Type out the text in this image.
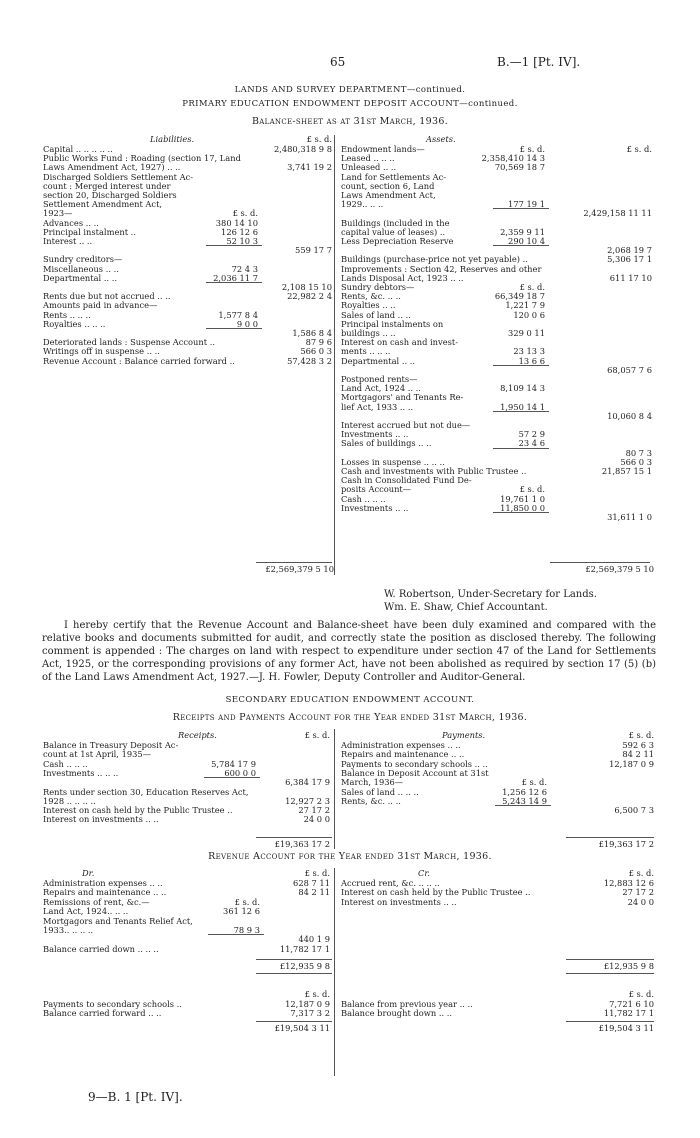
65	B.—1 [Pt. IV].
LANDS AND SURVEY DEPARTMENT—continued.
PRIMARY EDUCATION ENDOWMENT DEPOSIT ACCOUNT—continued.
Balance-sheet as at 31st March, 1936.
Liabilities.	Assets.
£ s. d.
Capital .. .. .. .. ..	2,480,318 9 8
Public Works Fund : Roading (section 17, Land
Laws Amendment Act, 1927) .. ..	3,741 19 2
Discharged Soldiers Settlement Ac-
count : Merged interest under
section 20, Discharged Soldiers
Settlement Amendment Act,
1923—	£ s. d.
Advances .. ..	380 14 10
Principal instalment ..	126 12 6
Interest .. ..	52 10 3
559 17 7
Sundry creditors—
Miscellaneous .. ..	72 4 3
Departmental .. ..	2,036 11 7
2,108 15 10
Rents due but not accrued .. ..	22,982 2 4
Amounts paid in advance—
Rents .. .. ..	1,577 8 4
Royalties .. .. ..	9 0 0
1,586 8 4
Deteriorated lands : Suspense Account ..	87 9 6
Writings off in suspense .. ..	566 0 3
Revenue Account : Balance carried forward ..	57,428 3 2
Endowment lands—	£ s. d.	£ s. d.
Leased .. .. ..	2,358,410 14 3
Unleased .. ..	70,569 18 7
Land for Settlements Ac-
count, section 6, Land
Laws Amendment Act,
1929.. .. ..	177 19 1
2,429,158 11 11
Buildings (included in the
capital value of leases) ..	2,359 9 11
Less Depreciation Reserve	290 10 4
2,068 19 7
Buildings (purchase-price not yet payable) ..	5,306 17 1
Improvements : Section 42, Reserves and other
Lands Disposal Act, 1923 .. ..	611 17 10
Sundry debtors—	£ s. d.
Rents, &c. .. ..	66,349 18 7
Royalties .. ..	1,221 7 9
Sales of land .. ..	120 0 6
Principal instalments on
buildings .. ..	329 0 11
Interest on cash and invest-
ments .. .. ..	23 13 3
Departmental .. ..	13 6 6
68,057 7 6
Postponed rents—
Land Act, 1924 .. ..	8,109 14 3
Mortgagors' and Tenants Re-
lief Act, 1933 .. ..	1,950 14 1
10,060 8 4
Interest accrued but not due—
Investments .. ..	57 2 9
Sales of buildings .. ..	23 4 6
80 7 3
Losses in suspense .. .. ..	566 0 3
Cash and investments with Public Trustee ..	21,857 15 1
Cash in Consolidated Fund De-
posits Account—	£ s. d.
Cash .. .. ..	19,761 1 0
Investments .. ..	11,850 0 0
31,611 1 0
£2,569,379 5 10	£2,569,379 5 10
W. Robertson, Under-Secretary for Lands.
Wm. E. Shaw, Chief Accountant.
I hereby certify that the Revenue Account and Balance-sheet have been duly examined and compared with the relative books and documents submitted for audit, and correctly state the position as disclosed thereby. The following comment is appended : The charges on land with respect to expenditure under section 47 of the Land for Settlements Act, 1925, or the corresponding provisions of any former Act, have not been abolished as required by section 17 (5) (b) of the Land Laws Amendment Act, 1927.—J. H. Fowler, Deputy Controller and Auditor-General.
SECONDARY EDUCATION ENDOWMENT ACCOUNT.
Receipts and Payments Account for the Year ended 31st March, 1936.
Receipts.	£ s. d.	Payments.	£ s. d.
Balance in Treasury Deposit Ac-
count at 1st April, 1935—
Cash .. .. ..	5,784 17 9
Investments .. .. ..	600 0 0
6,384 17 9
Rents under section 30, Education Reserves Act,
1928 .. .. .. ..	12,927 2 3
Interest on cash held by the Public Trustee ..	27 17 2
Interest on investments .. ..	24 0 0
Administration expenses .. ..	592 6 3
Repairs and maintenance .. ..	84 2 11
Payments to secondary schools .. ..	12,187 0 9
Balance in Deposit Account at 31st
March, 1936—	£ s. d.
Sales of land .. .. ..	1,256 12 6
Rents, &c. .. ..	5,243 14 9
6,500 7 3
£19,363 17 2	£19,363 17 2
Revenue Account for the Year ended 31st March, 1936.
Dr.	£ s. d.	Cr.	£ s. d.
Administration expenses .. ..	628 7 11
Repairs and maintenance .. ..	84 2 11
Remissions of rent, &c.—	£ s. d.
Land Act, 1924.. .. ..	361 12 6
Mortgagors and Tenants Relief Act,
1933.. .. .. ..	78 9 3
440 1 9
Balance carried down .. .. ..	11,782 17 1
Accrued rent, &c. .. .. ..	12,883 12 6
Interest on cash held by the Public Trustee ..	27 17 2
Interest on investments .. ..	24 0 0
£12,935 9 8	£12,935 9 8
£ s. d.	£ s. d.
Payments to secondary schools ..	12,187 0 9
Balance carried forward .. ..	7,317 3 2
Balance from previous year .. ..	7,721 6 10
Balance brought down .. ..	11,782 17 1
£19,504 3 11	£19,504 3 11
9—B. 1 [Pt. IV].
